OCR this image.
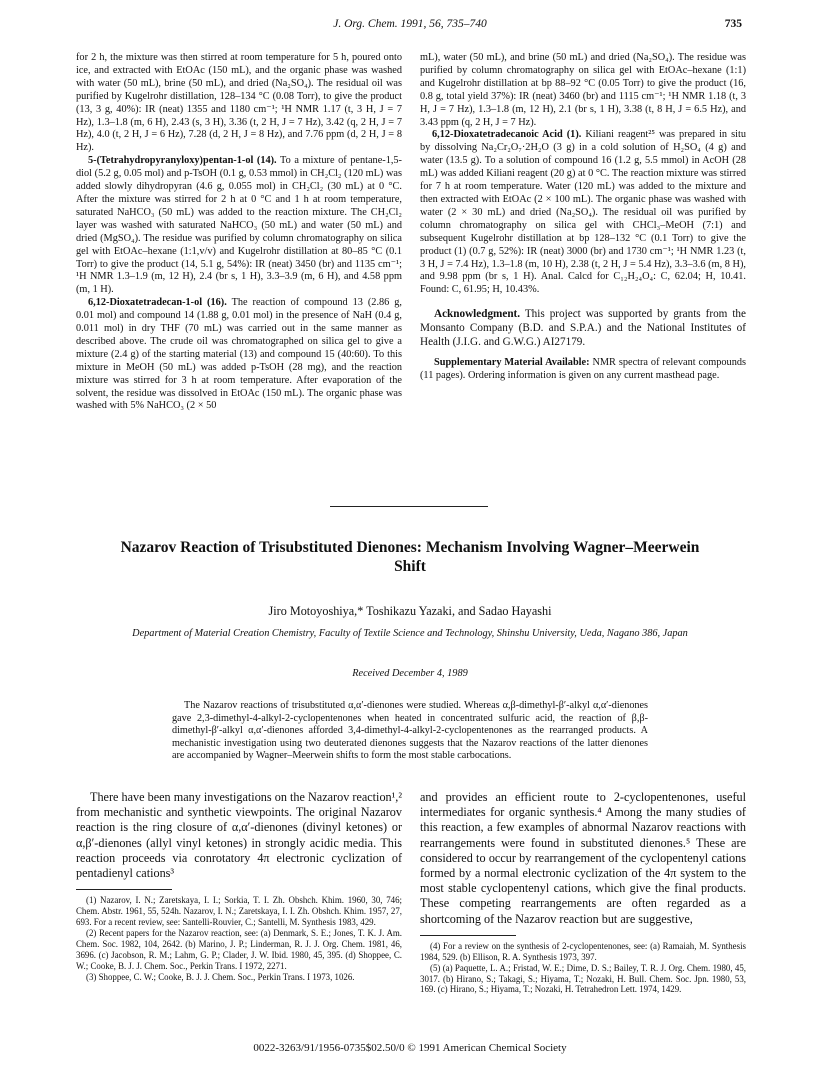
J. Org. Chem. 1991, 56, 735–740	735

for 2 h, the mixture was then stirred at room temperature for 5 h, poured onto ice, and extracted with EtOAc (150 mL), and the organic phase was washed with water (50 mL), brine (50 mL), and dried (Na₂SO₄). The residual oil was purified by Kugelrohr distillation, 128–134 °C (0.08 Torr), to give the product (13, 3 g, 40%): IR (neat) 1355 and 1180 cm⁻¹; ¹H NMR 1.17 (t, 3 H, J = 7 Hz), 1.3–1.8 (m, 6 H), 2.43 (s, 3 H), 3.36 (t, 2 H, J = 7 Hz), 3.42 (q, 2 H, J = 7 Hz), 4.0 (t, 2 H, J = 6 Hz), 7.28 (d, 2 H, J = 8 Hz), and 7.76 ppm (d, 2 H, J = 8 Hz).

5-(Tetrahydropyranyloxy)pentan-1-ol (14). To a mixture of pentane-1,5-diol (5.2 g, 0.05 mol) and p-TsOH (0.1 g, 0.53 mmol) in CH₂Cl₂ (120 mL) was added slowly dihydropyran (4.6 g, 0.055 mol) in CH₂Cl₂ (30 mL) at 0 °C. After the mixture was stirred for 2 h at 0 °C and 1 h at room temperature, saturated NaHCO₃ (50 mL) was added to the reaction mixture. The CH₂Cl₂ layer was washed with saturated NaHCO₃ (50 mL) and water (50 mL) and dried (MgSO₄). The residue was purified by column chromatography on silica gel with EtOAc–hexane (1:1,v/v) and Kugelrohr distillation at 80–85 °C (0.1 Torr) to give the product (14, 5.1 g, 54%): IR (neat) 3450 (br) and 1135 cm⁻¹; ¹H NMR 1.3–1.9 (m, 12 H), 2.4 (br s, 1 H), 3.3–3.9 (m, 6 H), and 4.58 ppm (m, 1 H).

6,12-Dioxatetradecan-1-ol (16). The reaction of compound 13 (2.86 g, 0.01 mol) and compound 14 (1.88 g, 0.01 mol) in the presence of NaH (0.4 g, 0.011 mol) in dry THF (70 mL) was carried out in the same manner as described above. The crude oil was chromatographed on silica gel to give a mixture (2.4 g) of the starting material (13) and compound 15 (40:60). To this mixture in MeOH (50 mL) was added p-TsOH (28 mg), and the reaction mixture was stirred for 3 h at room temperature. After evaporation of the solvent, the residue was dissolved in EtOAc (150 mL). The organic phase was washed with 5% NaHCO₃ (2 × 50

mL), water (50 mL), and brine (50 mL) and dried (Na₂SO₄). The residue was purified by column chromatography on silica gel with EtOAc–hexane (1:1) and Kugelrohr distillation at bp 88–92 °C (0.05 Torr) to give the product (16, 0.8 g, total yield 37%): IR (neat) 3460 (br) and 1115 cm⁻¹; ¹H NMR 1.18 (t, 3 H, J = 7 Hz), 1.3–1.8 (m, 12 H), 2.1 (br s, 1 H), 3.38 (t, 8 H, J = 6.5 Hz), and 3.43 ppm (q, 2 H, J = 7 Hz).

6,12-Dioxatetradecanoic Acid (1). Kiliani reagent²⁵ was prepared in situ by dissolving Na₂Cr₂O₇·2H₂O (3 g) in a cold solution of H₂SO₄ (4 g) and water (13.5 g). To a solution of compound 16 (1.2 g, 5.5 mmol) in AcOH (28 mL) was added Kiliani reagent (20 g) at 0 °C. The reaction mixture was stirred for 7 h at room temperature. Water (120 mL) was added to the mixture and then extracted with EtOAc (2 × 100 mL). The organic phase was washed with water (2 × 30 mL) and dried (Na₂SO₄). The residual oil was purified by column chromatography on silica gel with CHCl₃–MeOH (7:1) and subsequent Kugelrohr distillation at bp 128–132 °C (0.1 Torr) to give the product (1) (0.7 g, 52%): IR (neat) 3000 (br) and 1730 cm⁻¹; ¹H NMR 1.23 (t, 3 H, J = 7.4 Hz), 1.3–1.8 (m, 10 H), 2.38 (t, 2 H, J = 5.4 Hz), 3.3–3.6 (m, 8 H), and 9.98 ppm (br s, 1 H). Anal. Calcd for C₁₂H₂₄O₄: C, 62.04; H, 10.41. Found: C, 61.95; H, 10.43%.

Acknowledgment. This project was supported by grants from the Monsanto Company (B.D. and S.P.A.) and the National Institutes of Health (J.I.G. and G.W.G.) AI27179.

Supplementary Material Available: NMR spectra of relevant compounds (11 pages). Ordering information is given on any current masthead page.

Nazarov Reaction of Trisubstituted Dienones: Mechanism Involving Wagner–Meerwein Shift
Jiro Motoyoshiya,* Toshikazu Yazaki, and Sadao Hayashi
Department of Material Creation Chemistry, Faculty of Textile Science and Technology, Shinshu University, Ueda, Nagano 386, Japan
Received December 4, 1989
The Nazarov reactions of trisubstituted α,α′-dienones were studied. Whereas α,β-dimethyl-β′-alkyl α,α′-dienones gave 2,3-dimethyl-4-alkyl-2-cyclopentenones when heated in concentrated sulfuric acid, the reaction of β,β-dimethyl-β′-alkyl α,α′-dienones afforded 3,4-dimethyl-4-alkyl-2-cyclopentenones as the rearranged products. A mechanistic investigation using two deuterated dienones suggests that the Nazarov reactions of the latter dienones are accompanied by Wagner–Meerwein shifts to form the most stable carbocations.

There have been many investigations on the Nazarov reaction¹,² from mechanistic and synthetic viewpoints. The original Nazarov reaction is the ring closure of α,α′-dienones (divinyl ketones) or α,β′-dienones (allyl vinyl ketones) in strongly acidic media. This reaction proceeds via conrotatory 4π electronic cyclization of pentadienyl cations³

(1) Nazarov, I. N.; Zaretskaya, I. I.; Sorkia, T. I. Zh. Obshch. Khim. 1960, 30, 746; Chem. Abstr. 1961, 55, 524h. Nazarov, I. N.; Zaretskaya, I. I. Zh. Obshch. Khim. 1957, 27, 693. For a recent review, see: Santelli-Rouvier, C.; Santelli, M. Synthesis 1983, 429.

(2) Recent papers for the Nazarov reaction, see: (a) Denmark, S. E.; Jones, T. K. J. Am. Chem. Soc. 1982, 104, 2642. (b) Marino, J. P.; Linderman, R. J. J. Org. Chem. 1981, 46, 3696. (c) Jacobson, R. M.; Lahm, G. P.; Clader, J. W. Ibid. 1980, 45, 395. (d) Shoppee, C. W.; Cooke, B. J. J. Chem. Soc., Perkin Trans. I 1972, 2271.

(3) Shoppee, C. W.; Cooke, B. J. J. Chem. Soc., Perkin Trans. I 1973, 1026.

and provides an efficient route to 2-cyclopentenones, useful intermediates for organic synthesis.⁴ Among the many studies of this reaction, a few examples of abnormal Nazarov reactions with rearrangements were found in substituted dienones.⁵ These are considered to occur by rearrangement of the cyclopentenyl cations formed by a normal electronic cyclization of the 4π system to the most stable cyclopentenyl cations, which give the final products. These competing rearrangements are often regarded as a shortcoming of the Nazarov reaction but are suggestive,

(4) For a review on the synthesis of 2-cyclopentenones, see: (a) Ramaiah, M. Synthesis 1984, 529. (b) Ellison, R. A. Synthesis 1973, 397.

(5) (a) Paquette, L. A.; Fristad, W. E.; Dime, D. S.; Bailey, T. R. J. Org. Chem. 1980, 45, 3017. (b) Hirano, S.; Takagi, S.; Hiyama, T.; Nozaki, H. Bull. Chem. Soc. Jpn. 1980, 53, 169. (c) Hirano, S.; Hiyama, T.; Nozaki, H. Tetrahedron Lett. 1974, 1429.

0022-3263/91/1956-0735$02.50/0 © 1991 American Chemical Society
